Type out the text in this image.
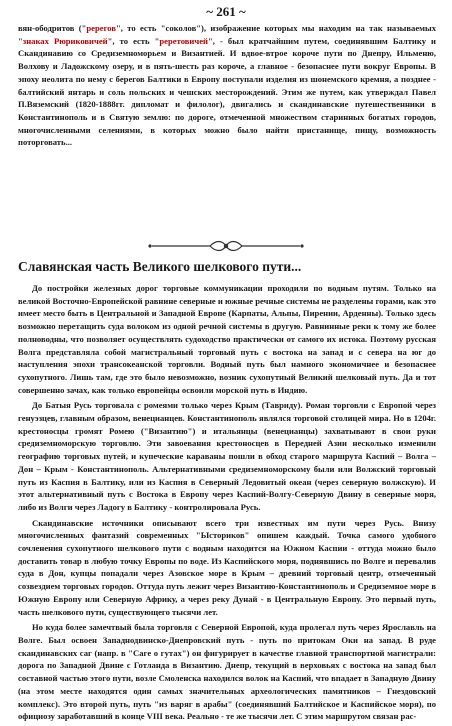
~ 261 ~

вян-ободритов ("ререгов", то есть "соколов"), изображение которых мы находим на так называемых "знаках Рюриковичей", то есть "реретовичей", - был кратчайшим путем, соединявшим Балтику и Скандинавию со Средиземноморьем и Византией. И вдвое-втрое короче пути по Днепру, Ильменю, Волхову и Ладожскому озеру, и в пять-шесть раз короче, а главное - безопаснее пути вокруг Европы. В эпоху неолита по нему с берегов Балтики в Европу поступали изделия из шонемского кремня, а позднее - балтийский янтарь и соль польских и чешских месторождений. Этим же путем, как утверждал Павел П.Вяземский (1820-1888гг. дипломат и филолог), двигались и скандинавские путешественники в Константинополь и в Святую землю: по дороге, отмеченной множеством старинных богатых городов, многочисленными селениями, в которых можно было найти пристанище, пищу, возможность поторговать...

Славянская часть Великого шелкового пути...

До постройки железных дорог торговые коммуникации проходили по водным путям. Только на великой Восточно-Европейской равнине северные и южные речные системы не разделены горами, как это имеет место быть в Центральной и Западной Европе (Карпаты, Альпы, Пирении, Арденны). Только здесь возможно перетащить суда волоком из одной речной системы в другую. Равнинные реки к тому же более полноводны, что позволяет осуществлять судоходство практически от самого их истока. Поэтому русская Волга представляла собой магистральный торговый путь с востока на запад и с севера на юг до наступления эпохи трансокеанской торговли. Водный путь был намного экономичнее и безопаснее сухопутного. Лишь там, где это было невозможно, возник сухопутный Великий шелковый путь. Да и тот совершенно зачах, как только европейцы освоили морской путь в Индию.

До Батыя Русь торговала с ромеями только через Крым (Тавриду). Роман торговли с Европой через генуэзцев, главным образом, венецианцев. Константинополь являлся торговой столицей мира. Но в 1204г. крестоносцы громят Ромею ("Византию") и итальянцы (венецианцы) захватывают в свои руки средиземноморскую торговлю. Эти завоевания крестоносцев в Передней Азии несколько изменили географию торговых путей, и купеческие караваны пошли в обход старого маршрута Каспий – Волга – Дон – Крым - Константинополь. Альтернативными средиземноморскому были или Волжский торговый путь из Каспия в Балтику, или из Каспия в Северный Ледовитый океан (через северную волжскую). И этот альтернативный путь с Востока в Европу через Каспий-Волгу-Северную Двину в северные моря, либо из Волги через Ладогу в Балтику - контролировала Русь.

Скандинавские источники описывают всего три известных им пути через Русь. Внизу многочисленных фантазий современных "Ысториков" опишем каждый. Точка самого удобного сочленения сухопутного шелкового пути с водным находится на Южном Каспии - оттуда можно было доставить товар в любую точку Европы по воде. Из Каспийского моря, поднявшись по Волге и перевалив суда в Дон, купцы попадали через Азовское море в Крым – древний торговый центр, отмеченный созвездием торговых городов. Оттуда путь лежит через Византию-Константинополь и Средиземное море в Южную Европу или Северную Африку, а через реку Дунай - в Центральную Европу. Это первый путь, часть шелкового пути, существующего тысячи лет.

Но куда более замечтвый была торговля с Северной Европой, куда пролегал путь через Ярославль на Волге. Был освоен Западнодвинско-Днепровский путь - путь по притокам Оки на запад. В руде скандинавских саг (напр. в "Саге о гутах") он фигурирует в качестве главной транспортной магистрали: дорога по Западной Двине с Готланда в Византию. Днепр, текущий в верховьях с востока на запад был составной частью этого пути, возле Смоленска находился волок на Каспий, что впадает в Западную Двину (на этом месте находятся один самых значительных археологических памятников – Гнездовский комплекс). Это второй путь, путь "из варяг в арабы" (соединявший Балтийское и Каспийское моря), по официозу заработавший в конце VIII века. Реально - те же тысячи лет. С этим маршрутом связан рас-
